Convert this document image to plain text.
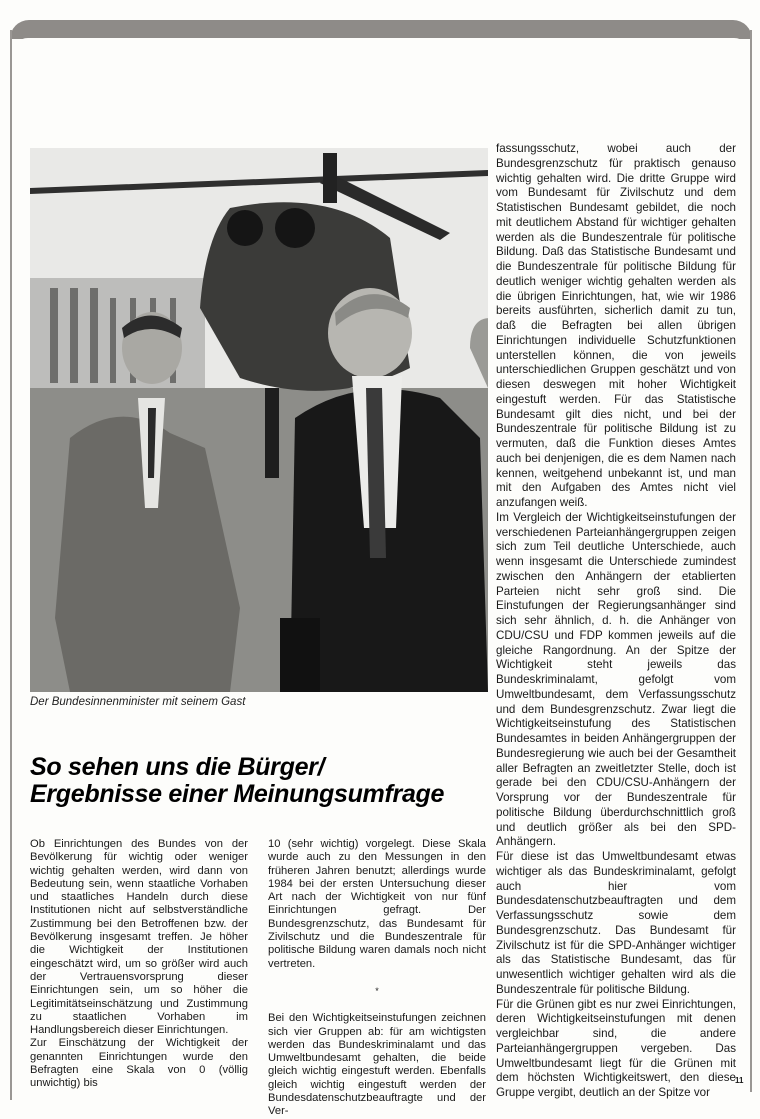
Der Bundesinnenminister mit seinem Gast
So sehen uns die Bürger/
Ergebnisse einer Meinungsumfrage

Ob Einrichtungen des Bundes von der Bevölkerung für wichtig oder weniger wichtig gehalten werden, wird dann von Bedeutung sein, wenn staatliche Vorhaben und staatliches Handeln durch diese Institutionen nicht auf selbstverständliche Zustimmung bei den Betroffenen bzw. der Bevölkerung insgesamt treffen. Je höher die Wichtigkeit der Institutionen eingeschätzt wird, um so größer wird auch der Vertrauensvorsprung dieser Einrichtungen sein, um so höher die Legitimitätseinschätzung und Zustimmung zu staatlichen Vorhaben im Handlungsbereich dieser Einrichtungen.

Zur Einschätzung der Wichtigkeit der genannten Einrichtungen wurde den Befragten eine Skala von 0 (völlig unwichtig) bis

10 (sehr wichtig) vorgelegt. Diese Skala wurde auch zu den Messungen in den früheren Jahren benutzt; allerdings wurde 1984 bei der ersten Untersuchung dieser Art nach der Wichtigkeit von nur fünf Einrichtungen gefragt. Der Bundesgrenzschutz, das Bundesamt für Zivilschutz und die Bundeszentrale für politische Bildung waren damals noch nicht vertreten.

*

Bei den Wichtigkeitseinstufungen zeichnen sich vier Gruppen ab: für am wichtigsten werden das Bundeskriminalamt und das Umweltbundesamt gehalten, die beide gleich wichtig eingestuft werden. Ebenfalls gleich wichtig eingestuft werden der Bundesdatenschutzbeauftragte und der Ver-

fassungsschutz, wobei auch der Bundesgrenzschutz für praktisch genauso wichtig gehalten wird. Die dritte Gruppe wird vom Bundesamt für Zivilschutz und dem Statistischen Bundesamt gebildet, die noch mit deutlichem Abstand für wichtiger gehalten werden als die Bundeszentrale für politische Bildung. Daß das Statistische Bundesamt und die Bundeszentrale für politische Bildung für deutlich weniger wichtig gehalten werden als die übrigen Einrichtungen, hat, wie wir 1986 bereits ausführten, sicherlich damit zu tun, daß die Befragten bei allen übrigen Einrichtungen individuelle Schutzfunktionen unterstellen können, die von jeweils unterschiedlichen Gruppen geschätzt und von diesen deswegen mit hoher Wichtigkeit eingestuft werden. Für das Statistische Bundesamt gilt dies nicht, und bei der Bundeszentrale für politische Bildung ist zu vermuten, daß die Funktion dieses Amtes auch bei denjenigen, die es dem Namen nach kennen, weitgehend unbekannt ist, und man mit den Aufgaben des Amtes nicht viel anzufangen weiß.

Im Vergleich der Wichtigkeitseinstufungen der verschiedenen Parteianhängergruppen zeigen sich zum Teil deutliche Unterschiede, auch wenn insgesamt die Unterschiede zumindest zwischen den Anhängern der etablierten Parteien nicht sehr groß sind. Die Einstufungen der Regierungsanhänger sind sich sehr ähnlich, d. h. die Anhänger von CDU/CSU und FDP kommen jeweils auf die gleiche Rangordnung. An der Spitze der Wichtigkeit steht jeweils das Bundeskriminalamt, gefolgt vom Umweltbundesamt, dem Verfassungsschutz und dem Bundesgrenzschutz. Zwar liegt die Wichtigkeitseinstufung des Statistischen Bundesamtes in beiden Anhängergruppen der Bundesregierung wie auch bei der Gesamtheit aller Befragten an zweitletzter Stelle, doch ist gerade bei den CDU/CSU-Anhängern der Vorsprung vor der Bundeszentrale für politische Bildung überdurchschnittlich groß und deutlich größer als bei den SPD-Anhängern.

Für diese ist das Umweltbundesamt etwas wichtiger als das Bundeskriminalamt, gefolgt auch hier vom Bundesdatenschutzbeauftragten und dem Verfassungsschutz sowie dem Bundesgrenzschutz. Das Bundesamt für Zivilschutz ist für die SPD-Anhänger wichtiger als das Statistische Bundesamt, das für unwesentlich wichtiger gehalten wird als die Bundeszentrale für politische Bildung.

Für die Grünen gibt es nur zwei Einrichtungen, deren Wichtigkeitseinstufungen mit denen vergleichbar sind, die andere Parteianhängergruppen vergeben. Das Umweltbundesamt liegt für die Grünen mit dem höchsten Wichtigkeitswert, den diese Gruppe vergibt, deutlich an der Spitze vor

11
